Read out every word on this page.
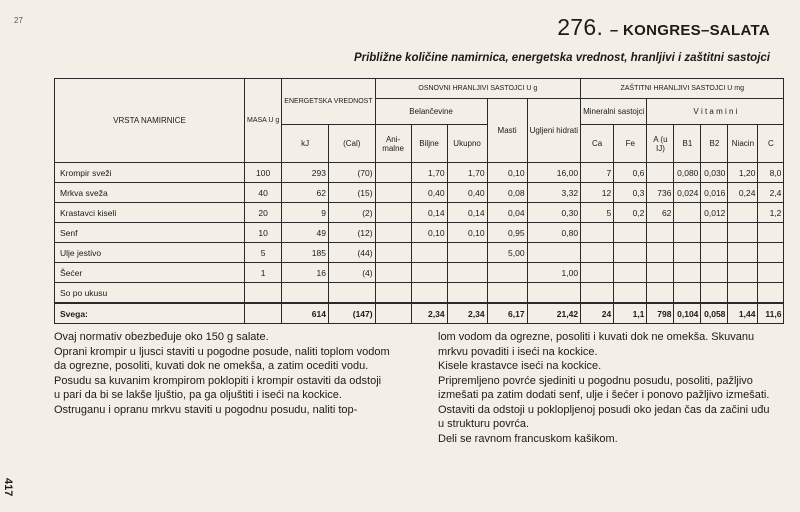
27
417
276. – KONGRES–SALATA
Približne količine namirnica, energetska vrednost, hranljivi i zaštitni sastojci
VRSTA NAMIRNICE	MASA U g	ENERGETSKA VREDNOST		OSNOVNI HRANLJIVI SASTOJCI U g					ZAŠTITNI HRANLJIVI SASTOJCI U mg						
				Belančevine			Masti	Ugljeni hidrati	Mineralni sastojci		V i t a m i n i				
		kJ	(Cal)	Ani- malne	Biljne	Ukupno			Ca	Fe	A (u IJ)	B1	B2	Niacin	C
Krompir sveži	100	293	(70)		1,70	1,70	0,10	16,00	7	0,6		0,080	0,030	1,20	8,0
Mrkva sveža	40	62	(15)		0,40	0,40	0,08	3,32	12	0,3	736	0,024	0,016	0,24	2,4
Krastavci kiseli	20	9	(2)		0,14	0,14	0,04	0,30	5	0,2	62		0,012		1,2
Senf	10	49	(12)		0,10	0,10	0,95	0,80							
Ulje jestivo	5	185	(44)				5,00								
Šećer	1	16	(4)					1,00							
So po ukusu															
Svega:		614	(147)		2,34	2,34	6,17	21,42	24	1,1	798	0,104	0,058	1,44	11,6

Ovaj normativ obezbeđuje oko 150 g salate.

Oprani krompir u ljusci staviti u pogodne posude, naliti toplom vodom da ogrezne, posoliti, kuvati dok ne omekša, a zatim oceditі vodu.

Posudu sa kuvanim krompirom poklopiti i krompir ostaviti da odstoji u pari da bi se lakše ljuštio, pa ga oljuštiti i iseći na kockice.

Ostruganu i opranu mrkvu staviti u pogodnu posudu, naliti top-

lom vodom da ogrezne, posoliti i kuvati dok ne omekša. Skuvanu mrkvu povaditi i iseći na kockice.

Kisele krastavce iseći na kockice.

Pripremljeno povrće sjediniti u pogodnu posudu, posoliti, pažljivo izmešati pa zatim dodati senf, ulje i šećer i ponovo pažljivo izmešati. Ostaviti da odstoji u poklopljenoj posudi oko jedan čas da začini uđu u strukturu povrća.

Deli se ravnom francuskom kašikom.
